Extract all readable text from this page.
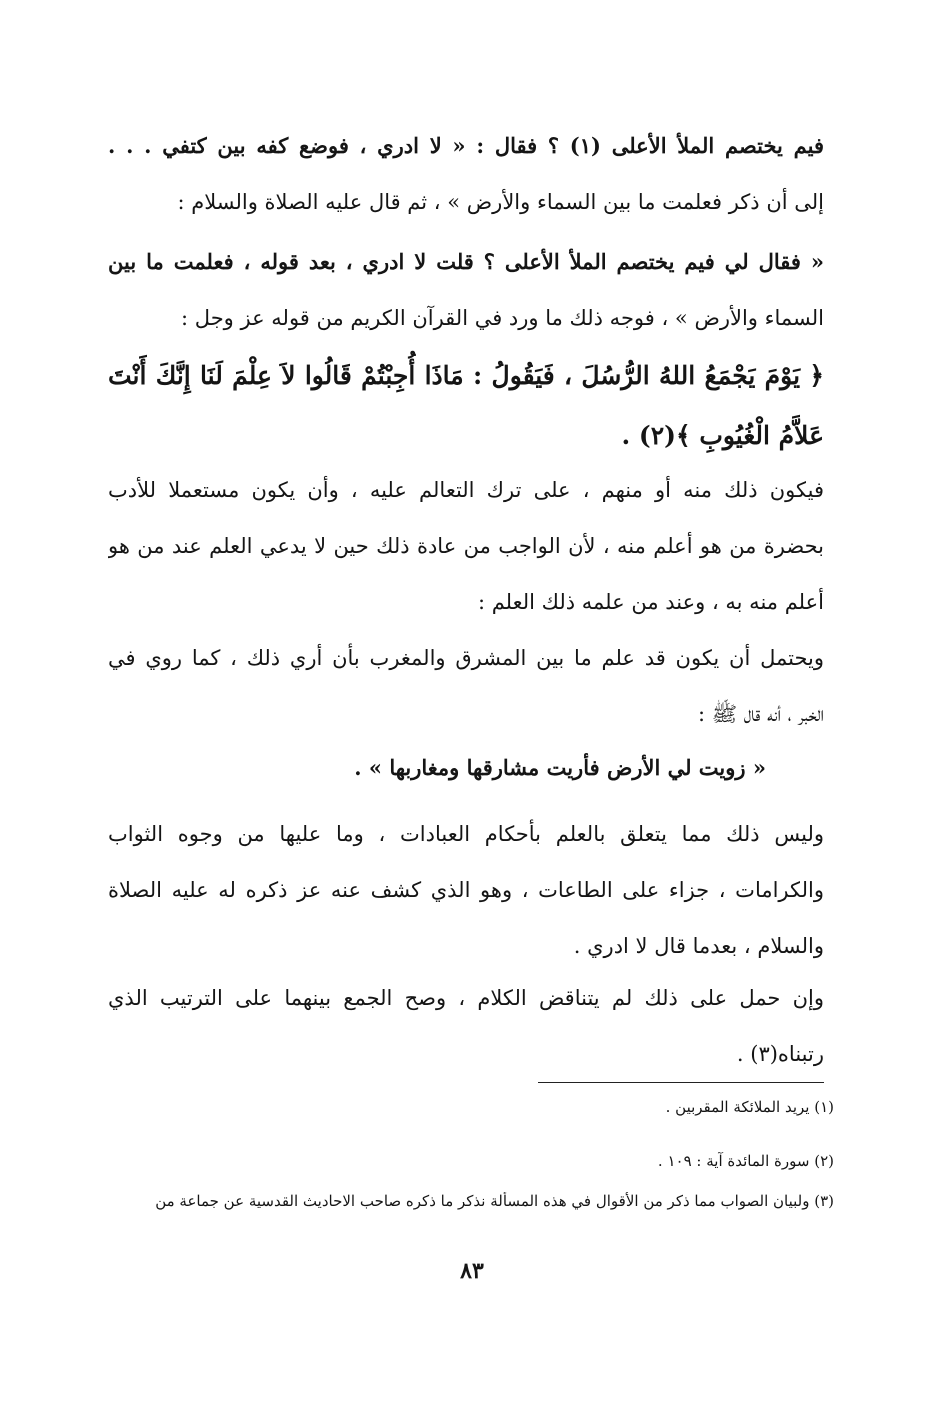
فيم يختصم الملأ الأعلى (١) ؟ فقال : « لا ادري ، فوضع كفه بين كتفي . . .
إلى أن ذكر فعلمت ما بين السماء والأرض » ، ثم قال عليه الصلاة والسلام :
« فقال لي فيم يختصم الملأ الأعلى ؟ قلت لا ادري ، بعد قوله ، فعلمت ما بين
السماء والأرض » ، فوجه ذلك ما ورد في القرآن الكريم من قوله عز وجل :
﴿ يَوْمَ يَجْمَعُ اللهُ الرُّسُلَ ، فَيَقُولُ : مَاذَا أُجِبْتُمْ قَالُوا لاَ عِلْمَ لَنَا إِنَّكَ أَنْتَ
عَلاَّمُ الْغُيُوبِ ﴾(٢) .
فيكون ذلك منه أو منهم ، على ترك التعالم عليه ، وأن يكون مستعملا للأدب
بحضرة من هو أعلم منه ، لأن الواجب من عادة ذلك حين لا يدعي العلم عند من هو
أعلم منه به ، وعند من علمه ذلك العلم :
ويحتمل أن يكون قد علم ما بين المشرق والمغرب بأن أري ذلك ، كما روي في
الخبر ، أنه قال ﷺ :
« زويت لي الأرض فأريت مشارقها ومغاربها » .
وليس ذلك مما يتعلق بالعلم بأحكام العبادات ، وما عليها من وجوه الثواب
والكرامات ، جزاء على الطاعات ، وهو الذي كشف عنه عز ذكره له عليه الصلاة
والسلام ، بعدما قال لا ادري .
وإن حمل على ذلك لم يتناقض الكلام ، وصح الجمع بينهما على الترتيب الذي
رتبناه(٣) .
(١) يريد الملائكة المقربين .
(٢) سورة المائدة آية : ١٠٩ .
(٣) ولبيان الصواب مما ذكر من الأقوال في هذه المسألة نذكر ما ذكره صاحب الاحاديث القدسية عن جماعة من
٨٣
